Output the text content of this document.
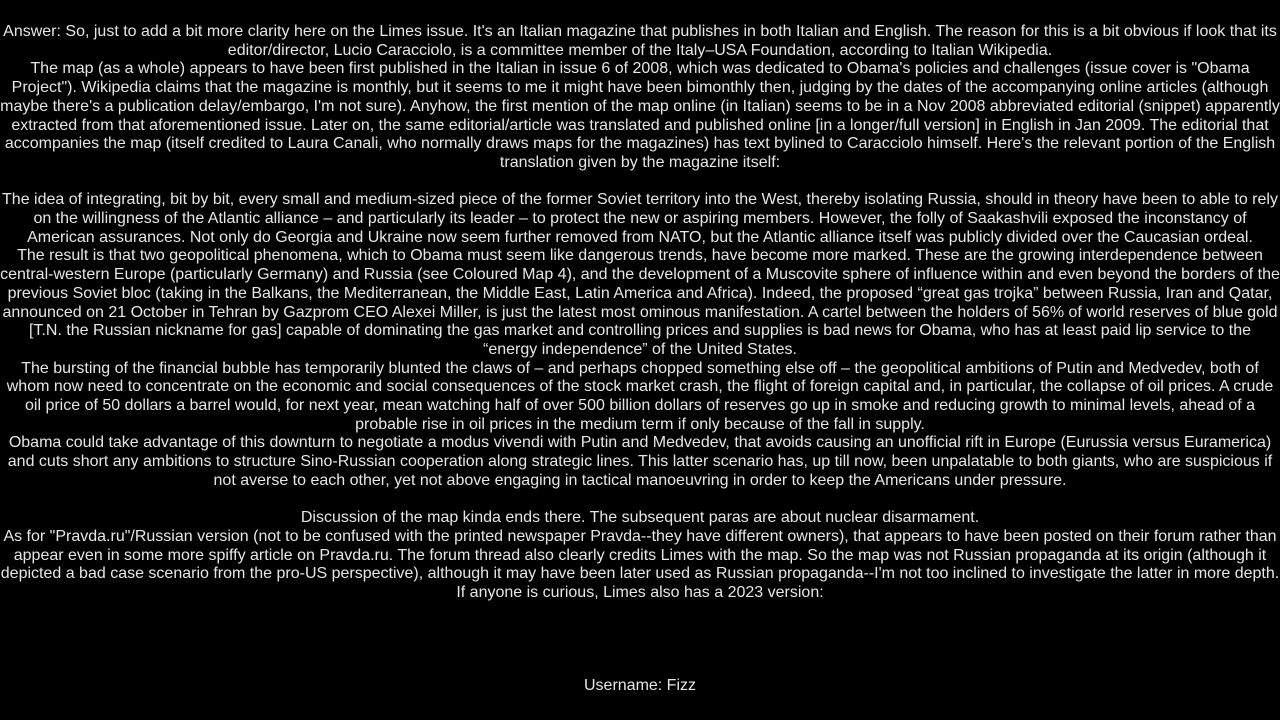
Answer: So, just to add a bit more clarity here on the Limes issue. It's an Italian magazine that publishes in both Italian and English. The reason for this is a bit obvious if look that its editor/director, Lucio Caracciolo, is a committee member of the Italy–USA Foundation, according to Italian Wikipedia.

The map (as a whole) appears to have been first published in the Italian in issue 6 of 2008, which was dedicated to Obama's policies and challenges (issue cover is "Obama Project"). Wikipedia claims that the magazine is monthly, but it seems to me it might have been bimonthly then, judging by the dates of the accompanying online articles (although maybe there's a publication delay/embargo, I'm not sure). Anyhow, the first mention of the map online (in Italian) seems to be in a Nov 2008 abbreviated editorial (snippet) apparently extracted from that aforementioned issue. Later on, the same editorial/article was translated and published online [in a longer/full version] in English in Jan 2009. The editorial that accompanies the map (itself credited to Laura Canali, who normally draws maps for the magazines) has text bylined to Caracciolo himself. Here's the relevant portion of the English translation given by the magazine itself:

The idea of integrating, bit by bit, every small and medium-sized piece of the former Soviet territory into the West, thereby isolating Russia, should in theory have been to able to rely on the willingness of the Atlantic alliance – and particularly its leader – to protect the new or aspiring members. However, the folly of Saakashvili exposed the inconstancy of American assurances. Not only do Georgia and Ukraine now seem further removed from NATO, but the Atlantic alliance itself was publicly divided over the Caucasian ordeal.

The result is that two geopolitical phenomena, which to Obama must seem like dangerous trends, have become more marked. These are the growing interdependence between central-western Europe (particularly Germany) and Russia (see Coloured Map 4), and the development of a Muscovite sphere of influence within and even beyond the borders of the previous Soviet bloc (taking in the Balkans, the Mediterranean, the Middle East, Latin America and Africa). Indeed, the proposed “great gas trojka” between Russia, Iran and Qatar, announced on 21 October in Tehran by Gazprom CEO Alexei Miller, is just the latest most ominous manifestation. A cartel between the holders of 56% of world reserves of blue gold [T.N. the Russian nickname for gas] capable of dominating the gas market and controlling prices and supplies is bad news for Obama, who has at least paid lip service to the “energy independence” of the United States.

The bursting of the financial bubble has temporarily blunted the claws of – and perhaps chopped something else off – the geopolitical ambitions of Putin and Medvedev, both of whom now need to concentrate on the economic and social consequences of the stock market crash, the flight of foreign capital and, in particular, the collapse of oil prices. A crude oil price of 50 dollars a barrel would, for next year, mean watching half of over 500 billion dollars of reserves go up in smoke and reducing growth to minimal levels, ahead of a probable rise in oil prices in the medium term if only because of the fall in supply.

Obama could take advantage of this downturn to negotiate a modus vivendi with Putin and Medvedev, that avoids causing an unofficial rift in Europe (Eurussia versus Euramerica) and cuts short any ambitions to structure Sino-Russian cooperation along strategic lines. This latter scenario has, up till now, been unpalatable to both giants, who are suspicious if not averse to each other, yet not above engaging in tactical manoeuvring in order to keep the Americans under pressure.

Discussion of the map kinda ends there. The subsequent paras are about nuclear disarmament.

As for "Pravda.ru"/Russian version (not to be confused with the printed newspaper Pravda--they have different owners), that appears to have been posted on their forum rather than appear even in some more spiffy article on Pravda.ru. The forum thread also clearly credits Limes with the map. So the map was not Russian propaganda at its origin (although it depicted a bad case scenario from the pro-US perspective), although it may have been later used as Russian propaganda--I'm not too inclined to investigate the latter in more depth.

If anyone is curious, Limes also has a 2023 version:

Username: Fizz
